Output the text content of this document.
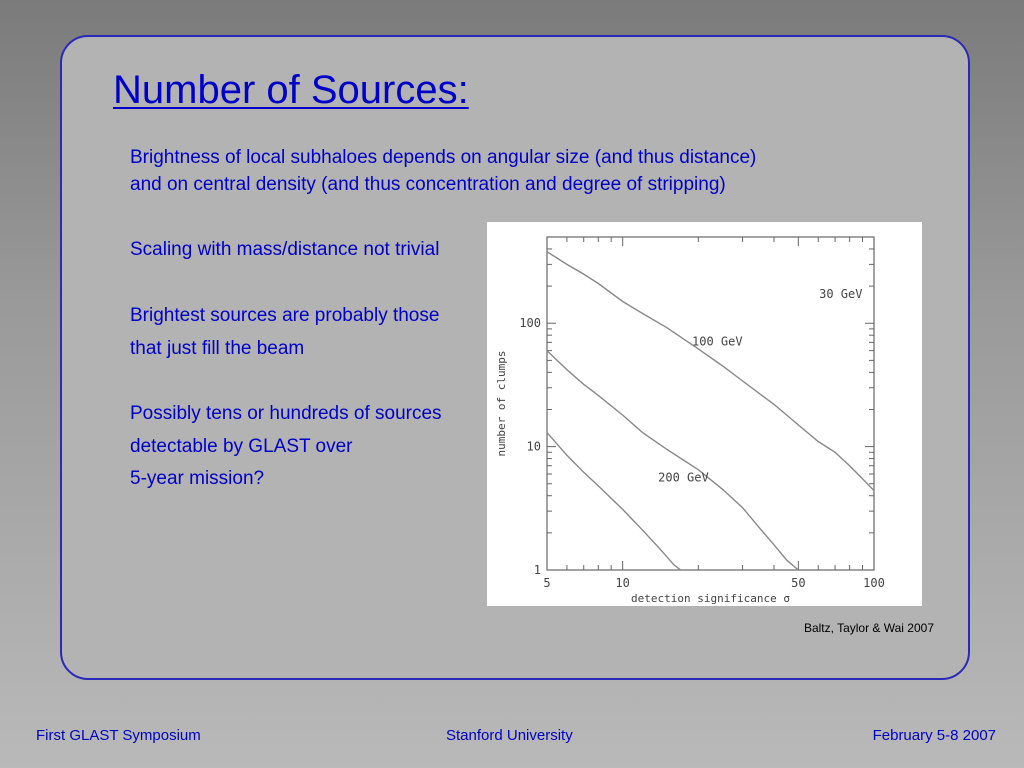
Number of Sources:
Brightness of local subhaloes depends on angular size (and thus distance)
and on central density (and thus concentration and degree of stripping)
Scaling with mass/distance not trivial
Brightest sources are probably those
that just fill the beam
Possibly tens or hundreds of sources
detectable by GLAST over
5-year mission?
5	10	50	100
1
10
100
detection significance σ
number of clumps
30 GeV
100 GeV
200 GeV
Baltz, Taylor & Wai 2007
First GLAST Symposium	Stanford University	February 5-8 2007
